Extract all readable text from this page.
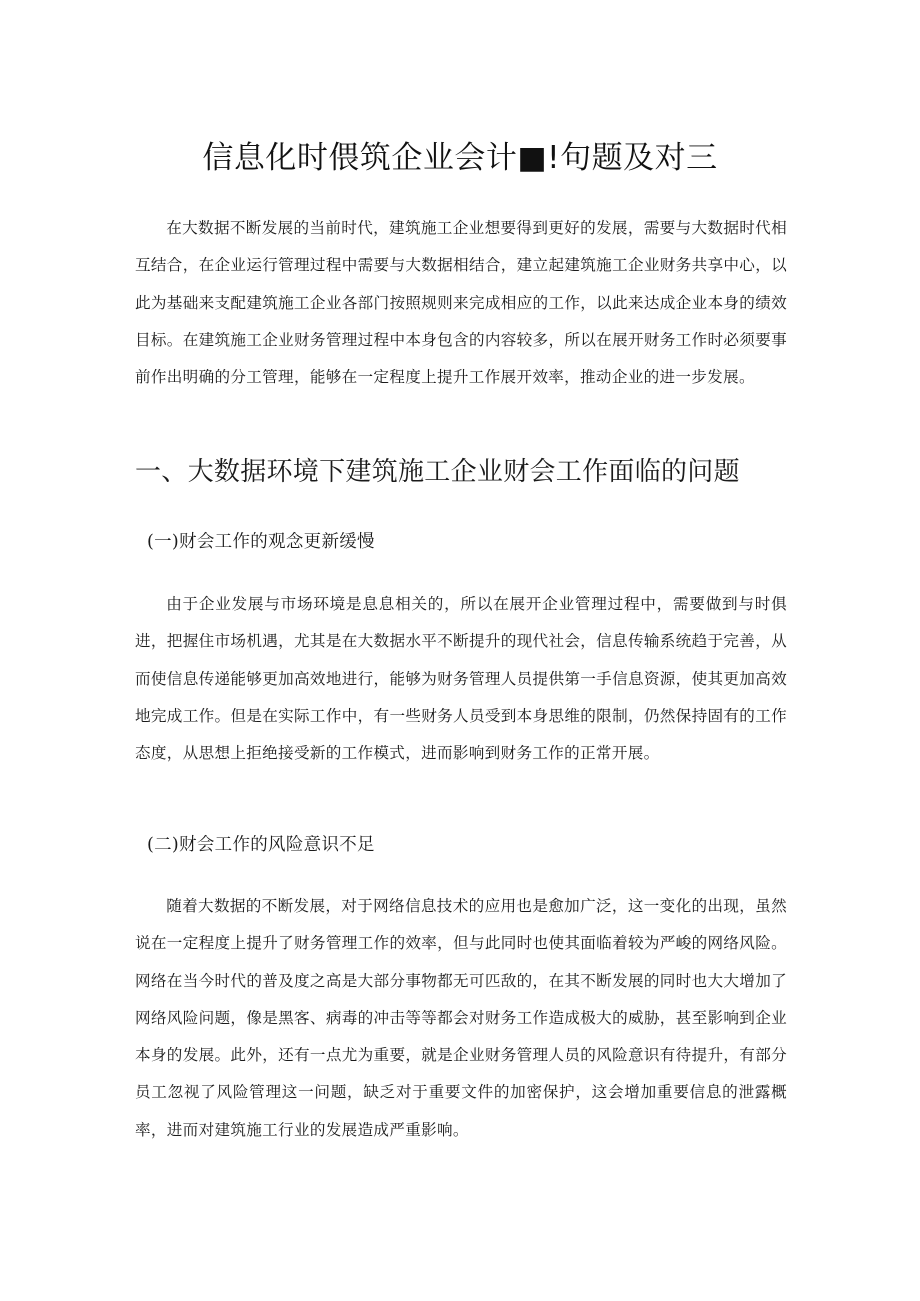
信息化时偎筑企业会计■!句题及对三

在大数据不断发展的当前时代，建筑施工企业想要得到更好的发展，需要与大数据时代相互结合，在企业运行管理过程中需要与大数据相结合，建立起建筑施工企业财务共享中心，以此为基础来支配建筑施工企业各部门按照规则来完成相应的工作，以此来达成企业本身的绩效目标。在建筑施工企业财务管理过程中本身包含的内容较多，所以在展开财务工作时必须要事前作出明确的分工管理，能够在一定程度上提升工作展开效率，推动企业的进一步发展。

一、大数据环境下建筑施工企业财会工作面临的问题
(一)财会工作的观念更新缓慢

由于企业发展与市场环境是息息相关的，所以在展开企业管理过程中，需要做到与时俱进，把握住市场机遇，尤其是在大数据水平不断提升的现代社会，信息传输系统趋于完善，从而使信息传递能够更加高效地进行，能够为财务管理人员提供第一手信息资源，使其更加高效地完成工作。但是在实际工作中，有一些财务人员受到本身思维的限制，仍然保持固有的工作态度，从思想上拒绝接受新的工作模式，进而影响到财务工作的正常开展。

(二)财会工作的风险意识不足

随着大数据的不断发展，对于网络信息技术的应用也是愈加广泛，这一变化的出现，虽然说在一定程度上提升了财务管理工作的效率，但与此同时也使其面临着较为严峻的网络风险。网络在当今时代的普及度之高是大部分事物都无可匹敌的，在其不断发展的同时也大大增加了网络风险问题，像是黑客、病毒的冲击等等都会对财务工作造成极大的威胁，甚至影响到企业本身的发展。此外，还有一点尤为重要，就是企业财务管理人员的风险意识有待提升，有部分员工忽视了风险管理这一问题，缺乏对于重要文件的加密保护，这会增加重要信息的泄露概率，进而对建筑施工行业的发展造成严重影响。
